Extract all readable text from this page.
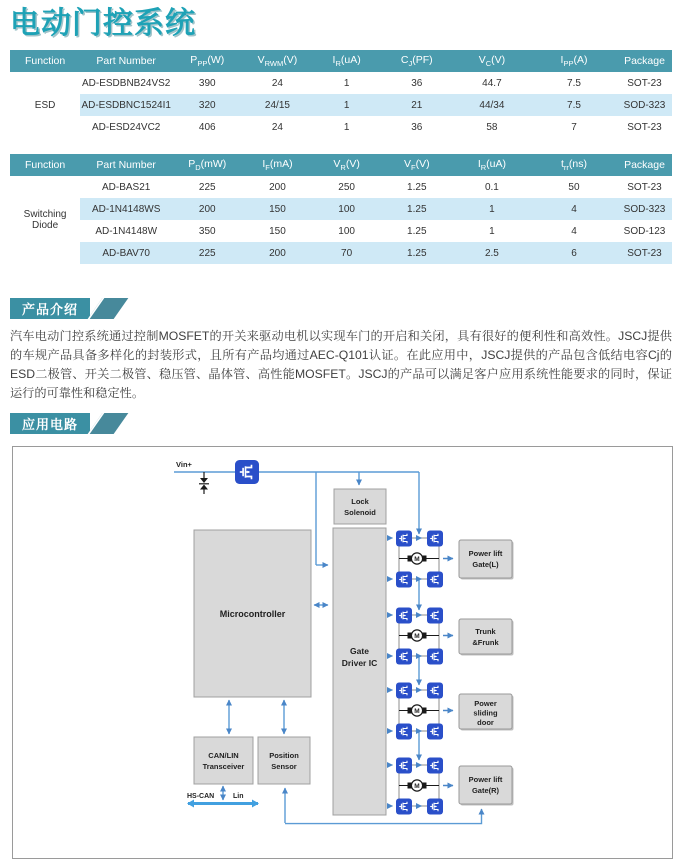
电动门控系统
Function	Part Number	$P_{PP}(W)$	$V_{RWM}(V)$	$I_R(uA)$	$C_J(PF)$	$V_C(V)$	$I_{PP}(A)$	Package
ESD	AD-ESDBNB24VS2	390	24	1	36	44.7	7.5	SOT-23
	AD-ESDBNC1524I1	320	24/15	1	21	44/34	7.5	SOD-323
	AD-ESD24VC2	406	24	1	36	58	7	SOT-23
Function	Part Number	$P_D(mW)$	$I_F(mA)$	$V_R(V)$	$V_F(V)$	$I_R(uA)$	$t_{rr}(ns)$	Package
Switching Diode	AD-BAS21	225	200	250	1.25	0.1	50	SOT-23
	AD-1N4148WS	200	150	100	1.25	1	4	SOD-323
	AD-1N4148W	350	150	100	1.25	1	4	SOD-123
	AD-BAV70	225	200	70	1.25	2.5	6	SOT-23
产品介绍

汽车电动门控系统通过控制MOSFET的开关来驱动电机以实现车门的开启和关闭，具有很好的便利性和高效性。JSCJ提供的车规产品具备多样化的封装形式，且所有产品均通过AEC-Q101认证。在此应用中，JSCJ提供的产品包含低结电容Cj的ESD二极管、开关二极管、稳压管、晶体管、高性能MOSFET。JSCJ的产品可以满足客户应用系统性能要求的同时，保证运行的可靠性和稳定性。

应用电路
M
Vin+
Lock
Solenoid
Microcontroller
Gate
Driver IC
CAN/LIN
Transceiver
Position
Sensor
HS-CAN	Lin
Power lift
Gate(L)
Trunk
&Frunk
Power
sliding
door
Power lift
Gate(R)
